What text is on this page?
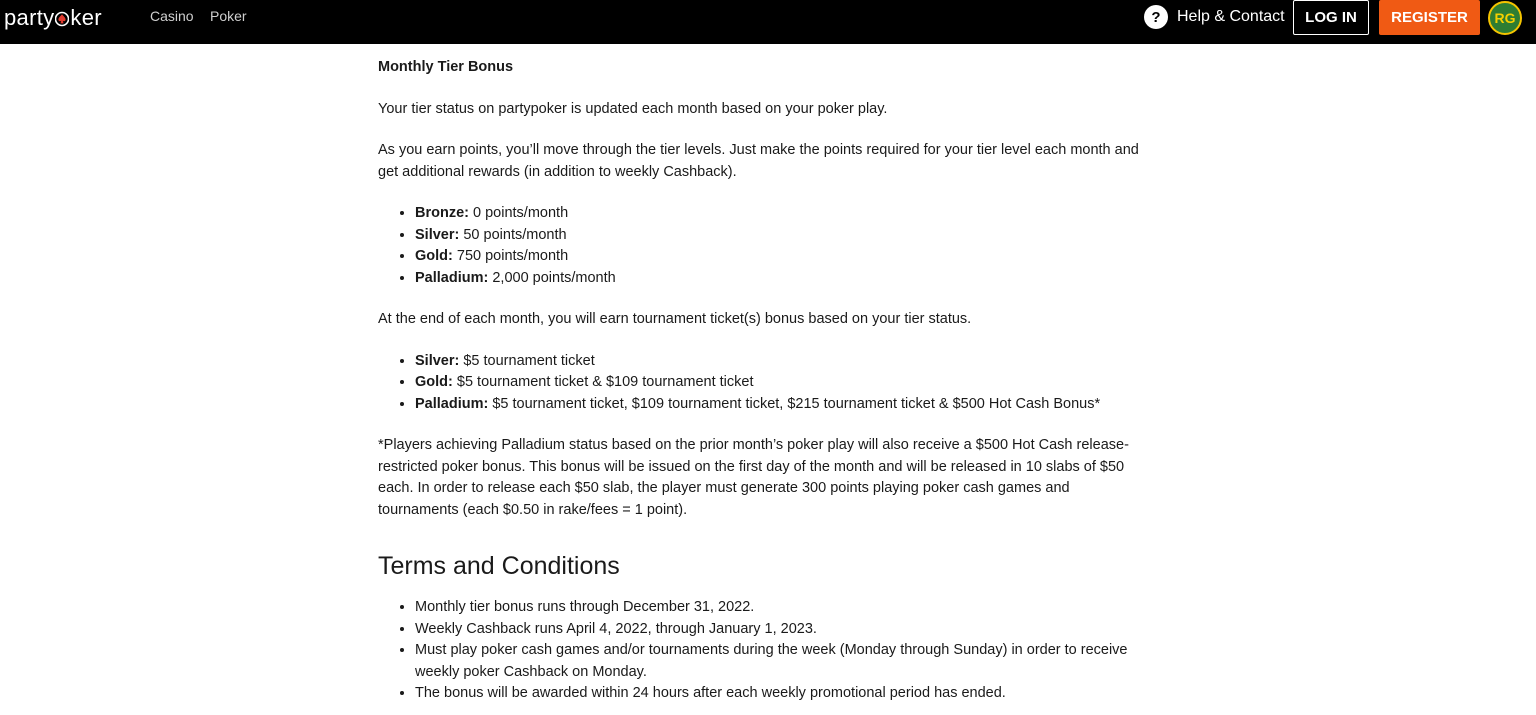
party ker	Casino Poker	?	Help & Contact	LOG IN	REGISTER	RG

Monthly Tier Bonus

Your tier status on partypoker is updated each month based on your poker play.

As you earn points, you’ll move through the tier levels. Just make the points required for your tier level each month and get additional rewards (in addition to weekly Cashback).

• Bronze: 0 points/month
• Silver: 50 points/month
• Gold: 750 points/month
• Palladium: 2,000 points/month

At the end of each month, you will earn tournament ticket(s) bonus based on your tier status.

• Silver: $5 tournament ticket
• Gold: $5 tournament ticket & $109 tournament ticket
• Palladium: $5 tournament ticket, $109 tournament ticket, $215 tournament ticket & $500 Hot Cash Bonus*

*Players achieving Palladium status based on the prior month’s poker play will also receive a $500 Hot Cash release-restricted poker bonus. This bonus will be issued on the first day of the month and will be released in 10 slabs of $50 each. In order to release each $50 slab, the player must generate 300 points playing poker cash games and tournaments (each $0.50 in rake/fees = 1 point).

Terms and Conditions
• Monthly tier bonus runs through December 31, 2022.
• Weekly Cashback runs April 4, 2022, through January 1, 2023.
• Must play poker cash games and/or tournaments during the week (Monday through Sunday) in order to receive weekly poker Cashback on Monday.
• The bonus will be awarded within 24 hours after each weekly promotional period has ended.
